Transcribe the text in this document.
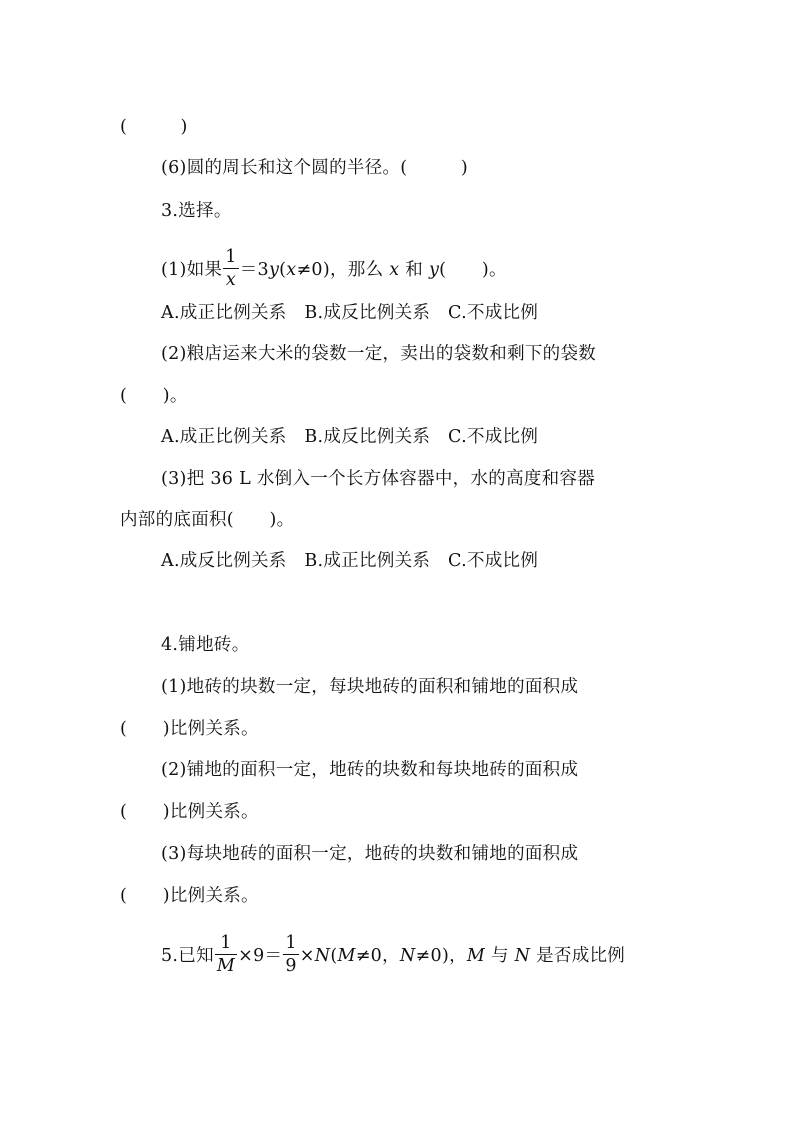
(　　　)
(6)圆的周长和这个圆的半径。(　　　)
3.选择。
(1)如果 $\frac{1}{x} =3y(x\ne 0)$，那么 x 和 y(　　)。
A.成正比例关系　B.成反比例关系　C.不成比例
(2)粮店运来大米的袋数一定，卖出的袋数和剩下的袋数
(　　)。
A.成正比例关系　B.成反比例关系　C.不成比例
(3)把 36 L 水倒入一个长方体容器中，水的高度和容器
内部的底面积(　　)。
A.成反比例关系　B.成正比例关系　C.不成比例
4.铺地砖。
(1)地砖的块数一定，每块地砖的面积和铺地的面积成
(　　)比例关系。
(2)铺地的面积一定，地砖的块数和每块地砖的面积成
(　　)比例关系。
(3)每块地砖的面积一定，地砖的块数和铺地的面积成
(　　)比例关系。
5.已知 $\frac{1}{M} \times 9= \frac{1}{9} \times N(M\ne 0$，N≠0)，M 与 N 是否成比例
